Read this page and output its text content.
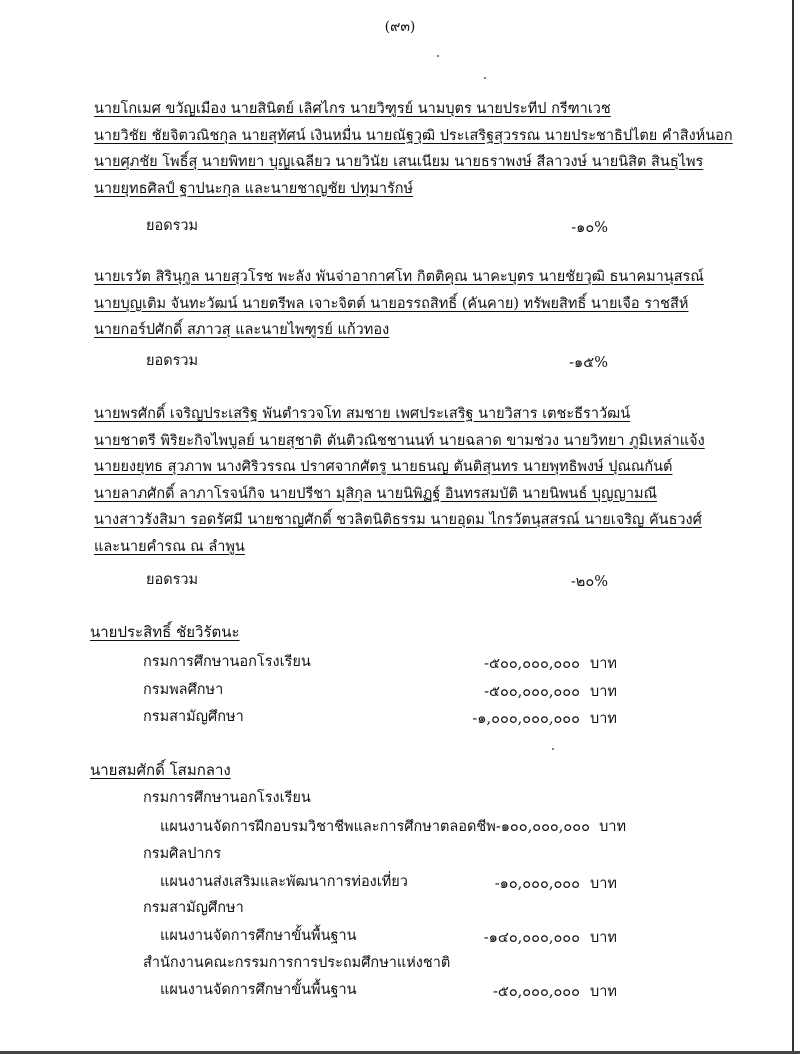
(๙๓)
นายโกเมศ ขวัญเมือง นายสินิตย์ เลิศไกร นายวิฑูรย์ นามบุตร นายประทีป กรีฑาเวช
นายวิชัย ชัยจิตวณิชกุล นายสุทัศน์ เงินหมื่น นายณัฐวุฒิ ประเสริฐสุวรรณ นายประชาธิปไตย คำสิงห์นอก
นายศุภชัย โพธิ์สุ นายพิทยา บุญเฉลียว นายวินัย เสนเนียม นายธราพงษ์ สีลาวงษ์ นายนิสิต สินธุไพร
นายยุทธศิลป์ ฐาปนะกุล และนายชาญชัย ปทุมารักษ์
ยอดรวม	-๑๐%
นายเรวัต สิรินุกูล นายสุวโรช พะลัง พันจ่าอากาศโท กิตติคุณ นาคะบุตร นายชัยวุฒิ ธนาคมานุสรณ์
นายบุญเติม จันทะวัฒน์ นายตรีพล เจาะจิตต์ นายอรรถสิทธิ์ (คันคาย) ทรัพยสิทธิ์ นายเจือ ราชสีห์
นายกอร์ปศักดิ์ สภาวสุ และนายไพฑูรย์ แก้วทอง
ยอดรวม	-๑๕%
นายพรศักดิ์ เจริญประเสริฐ พันตำรวจโท สมชาย เพศประเสริฐ นายวิสาร เตชะธีราวัฒน์
นายชาตรี พิริยะกิจไพบูลย์ นายสุชาติ ตันติวณิชชานนท์ นายฉลาด ขามช่วง นายวิทยา ภูมิเหล่าแจ้ง
นายยงยุทธ สุวภาพ นางศิริวรรณ ปราศจากศัตรู นายธนญ ตันติสุนทร นายพุทธิพงษ์ ปุณณกันต์
นายลาภศักดิ์ ลาภาโรจน์กิจ นายปรีชา มุสิกุล นายนิพิฏฐ์ อินทรสมบัติ นายนิพนธ์ บุญญามณี
นางสาวรังสิมา รอดรัศมี นายชาญศักดิ์ ชวลิตนิติธรรม นายอุดม ไกรวัตนุสสรณ์ นายเจริญ คันธวงศ์
และนายคำรณ ณ ลำพูน
ยอดรวม	-๒๐%
นายประสิทธิ์ ชัยวิรัตนะ
กรมการศึกษานอกโรงเรียน	-๕๐๐,๐๐๐,๐๐๐ บาท
กรมพลศึกษา	-๕๐๐,๐๐๐,๐๐๐ บาท
กรมสามัญศึกษา	-๑,๐๐๐,๐๐๐,๐๐๐ บาท
นายสมศักดิ์ โสมกลาง
กรมการศึกษานอกโรงเรียน
แผนงานจัดการฝึกอบรมวิชาชีพและการศึกษาตลอดชีพ-๑๐๐,๐๐๐,๐๐๐ บาท
กรมศิลปากร
แผนงานส่งเสริมและพัฒนาการท่องเที่ยว	-๑๐,๐๐๐,๐๐๐ บาท
กรมสามัญศึกษา
แผนงานจัดการศึกษาขั้นพื้นฐาน	-๑๔๐,๐๐๐,๐๐๐ บาท
สำนักงานคณะกรรมการการประถมศึกษาแห่งชาติ
แผนงานจัดการศึกษาขั้นพื้นฐาน	-๕๐,๐๐๐,๐๐๐ บาท
